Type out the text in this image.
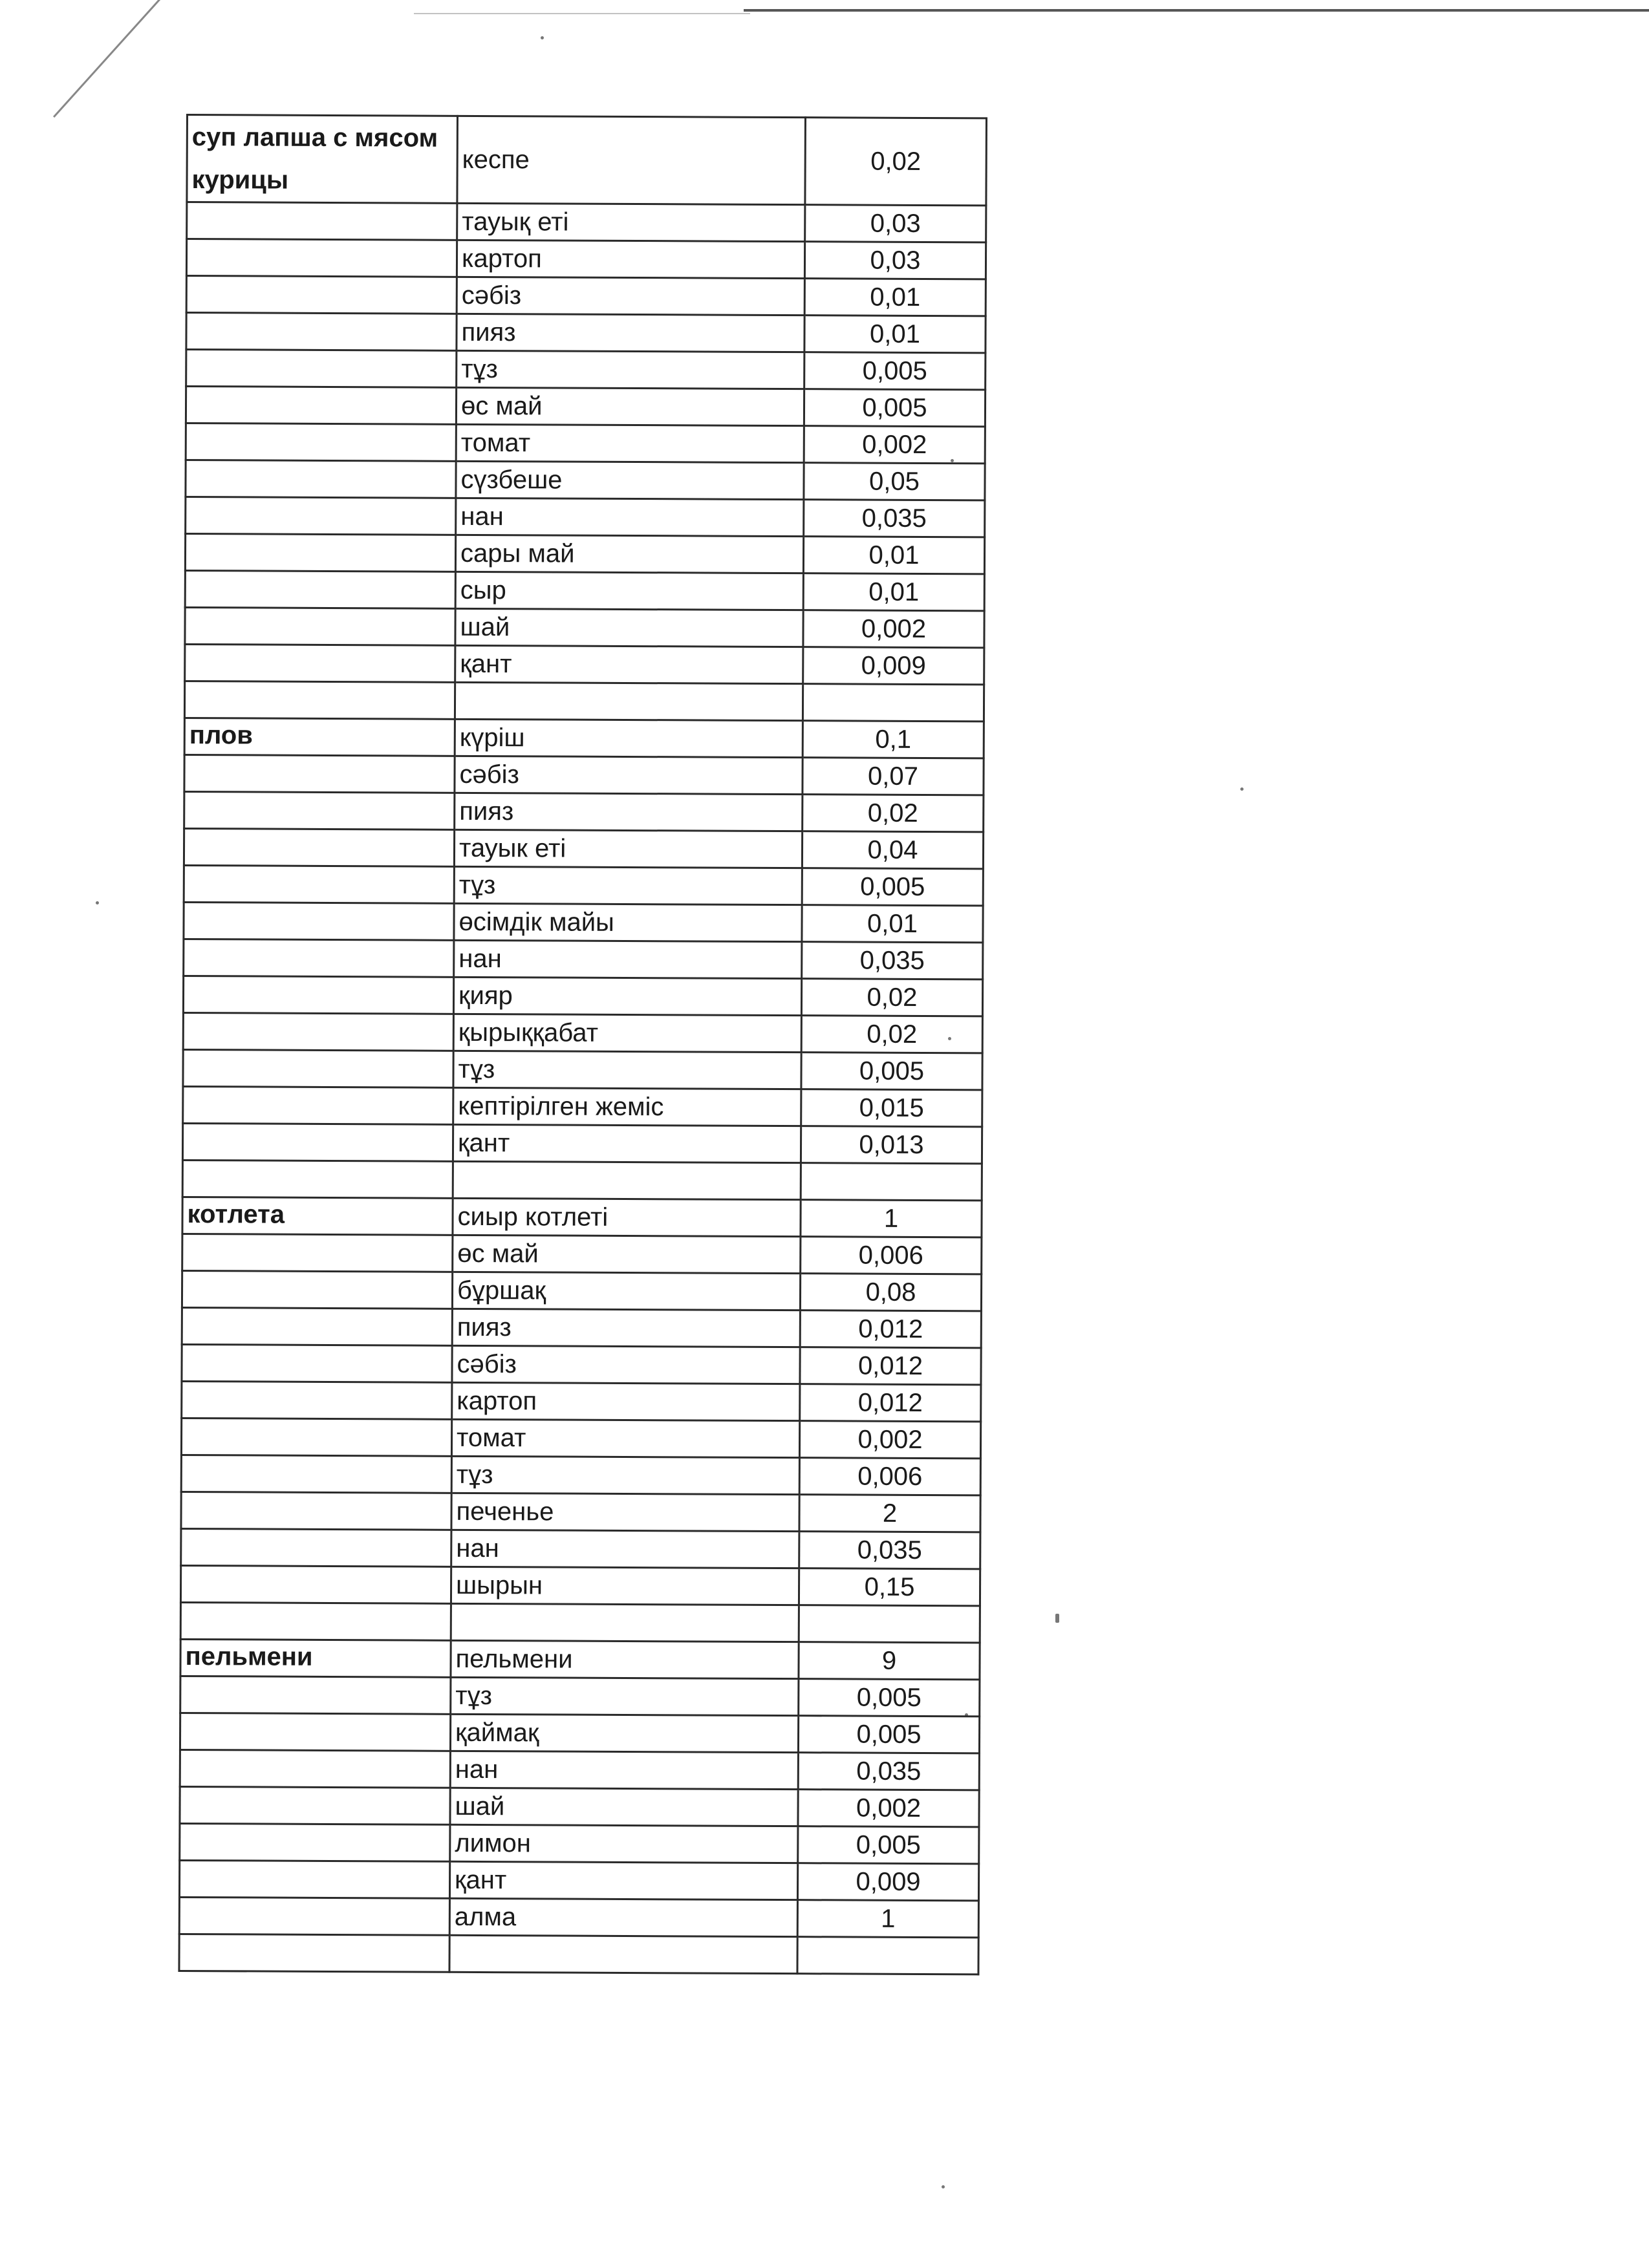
суп лапша с мясом курицы	кеспе	0,02
	тауық еті	0,03
	картоп	0,03
	сәбіз	0,01
	пияз	0,01
	тұз	0,005
	өс май	0,005
	томат	0,002
	сүзбеше	0,05
	нан	0,035
	сары май	0,01
	сыр	0,01
	шай	0,002
	қант	0,009

плов	күріш	0,1
	сәбіз	0,07
	пияз	0,02
	тауык еті	0,04
	тұз	0,005
	өсімдік майы	0,01
	нан	0,035
	қияр	0,02
	қырыққабат	0,02
	тұз	0,005
	кептірілген жеміс	0,015
	қант	0,013

котлета	сиыр котлеті	1
	өс май	0,006
	бұршақ	0,08
	пияз	0,012
	сәбіз	0,012
	картоп	0,012
	томат	0,002
	тұз	0,006
	печенье	2
	нан	0,035
	шырын	0,15

пельмени	пельмени	9
	тұз	0,005
	қаймақ	0,005
	нан	0,035
	шай	0,002
	лимон	0,005
	қант	0,009
	алма	1
